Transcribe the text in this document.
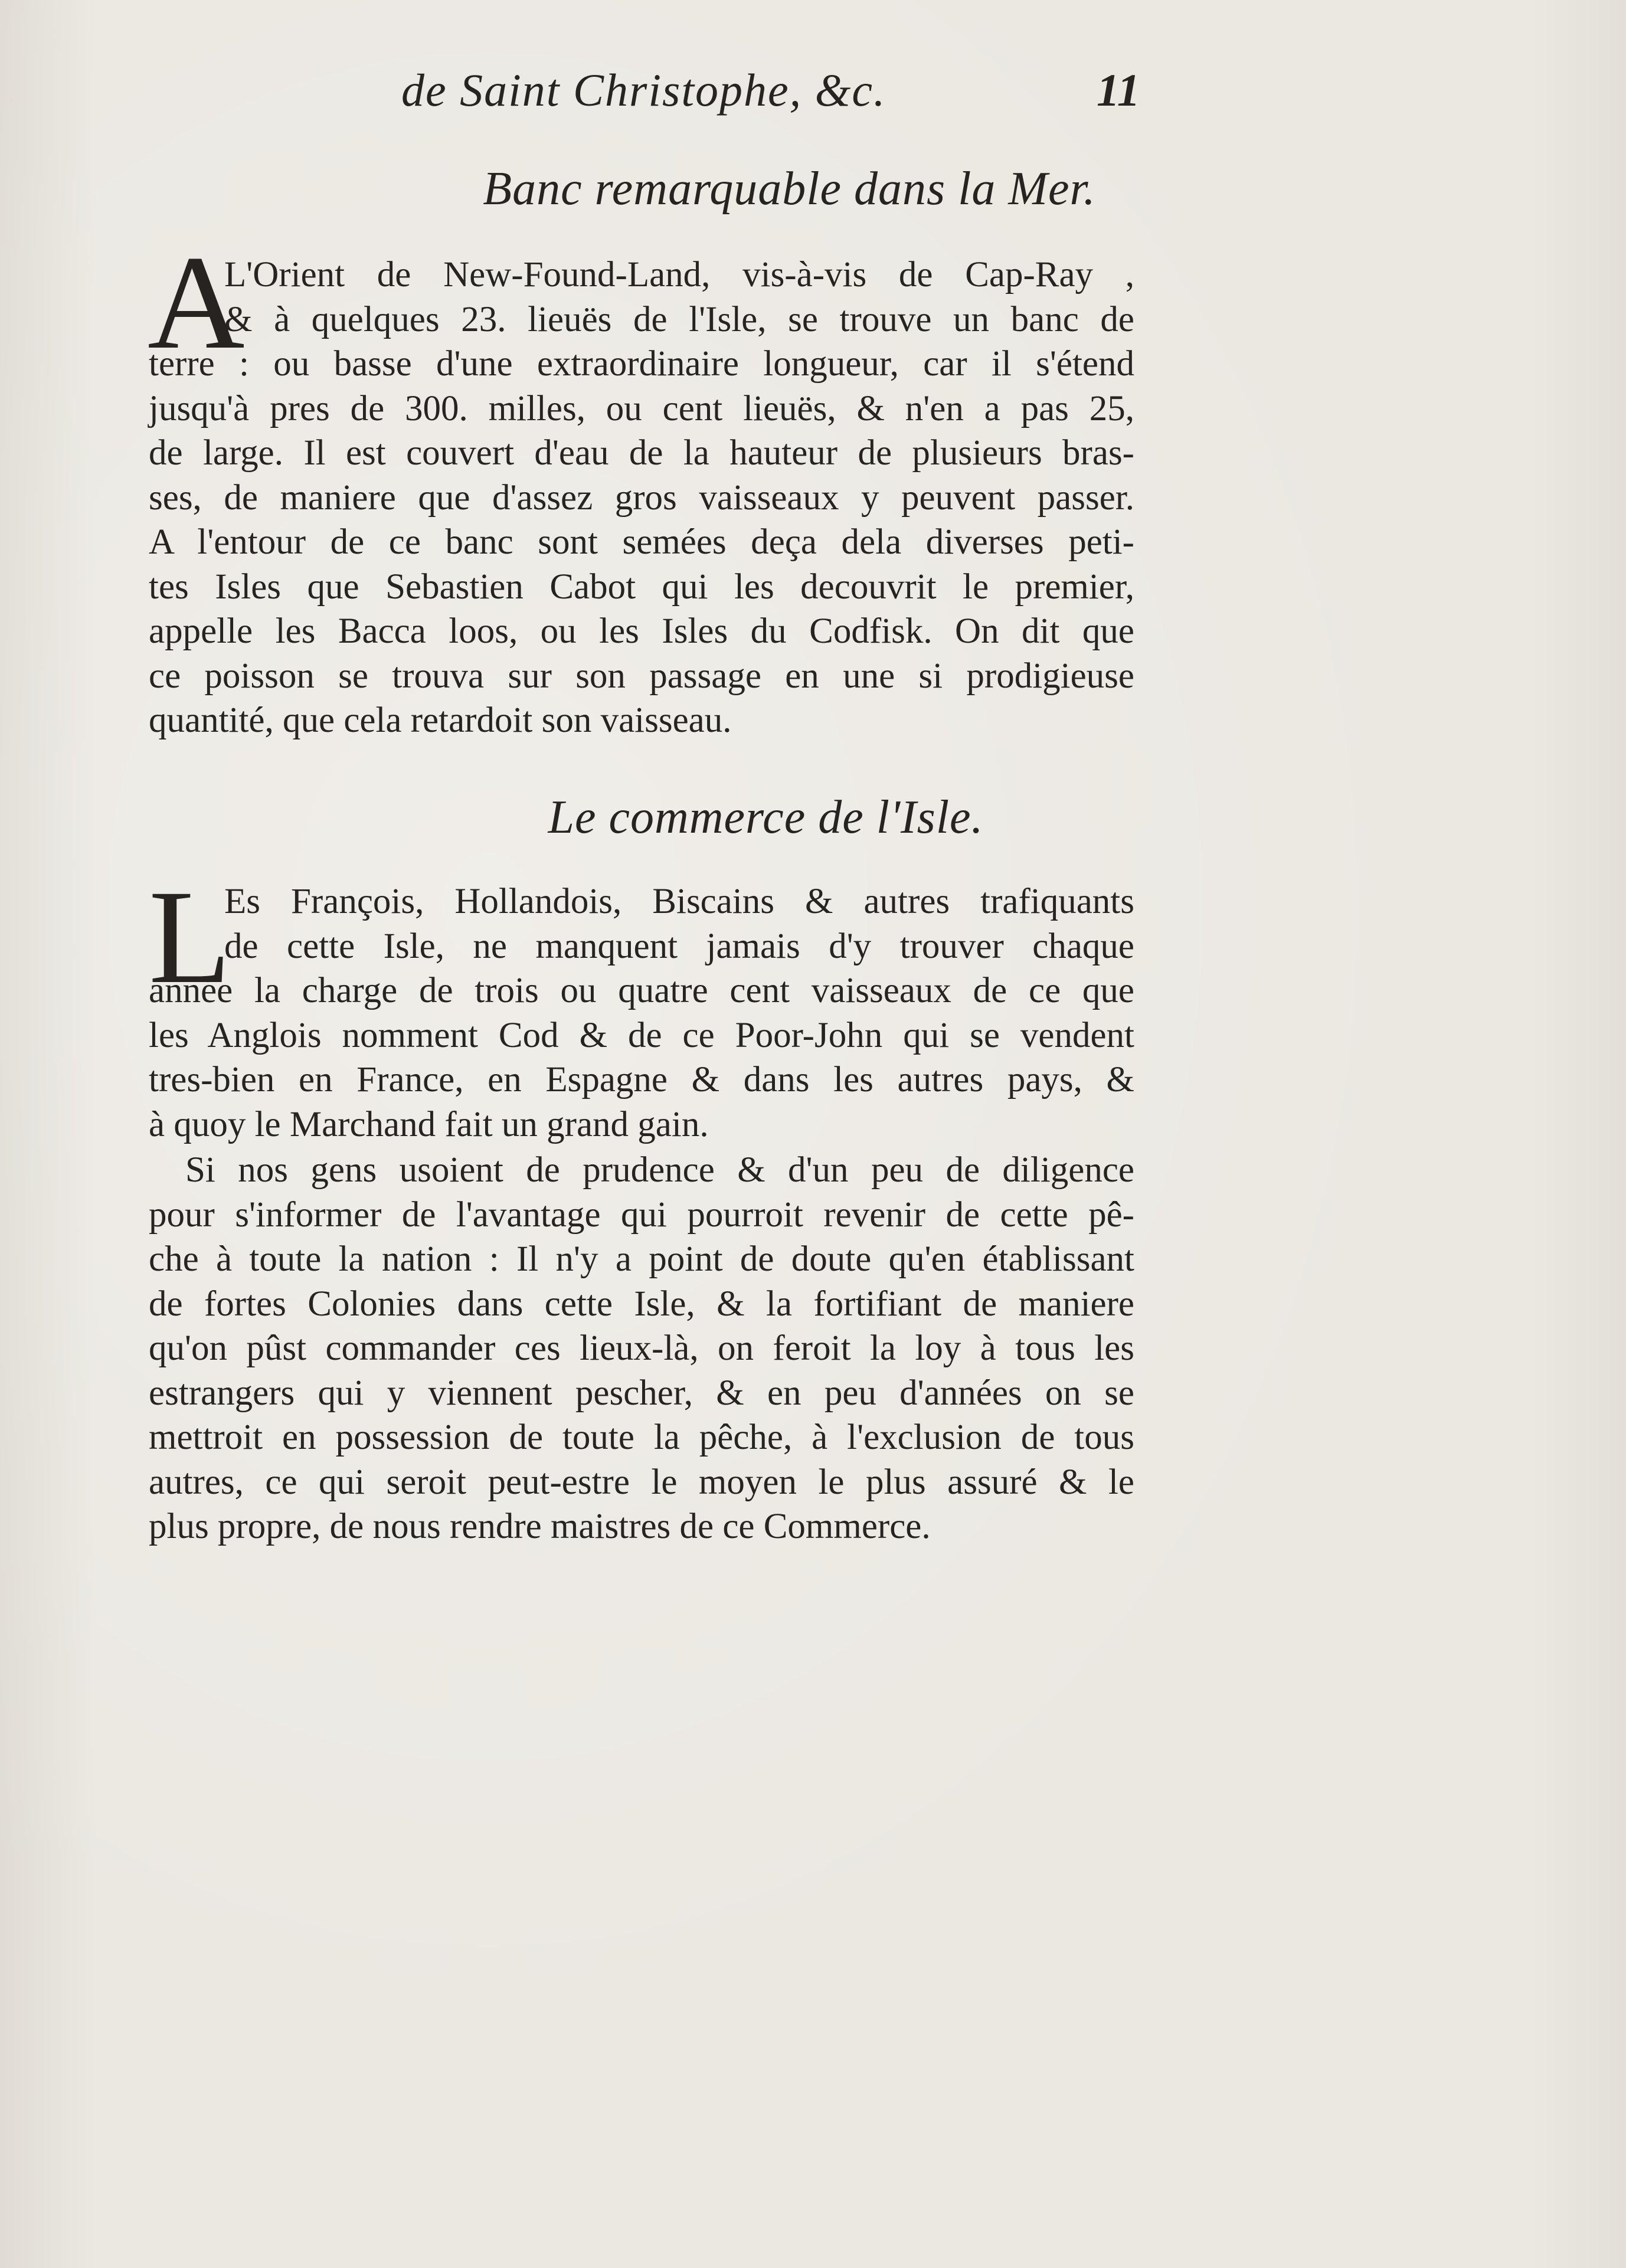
de Saint Christophe, &c.	11
Banc remarquable dans la Mer.
A
L'Orient de New-Found-Land, vis-à-vis de Cap-Ray ,
& à quelques 23. lieuës de l'Isle, se trouve un banc de
terre : ou basse d'une extraordinaire longueur, car il s'étend
jusqu'à pres de 300. milles, ou cent lieuës, & n'en a pas 25,
de large. Il est couvert d'eau de la hauteur de plusieurs bras-
ses, de maniere que d'assez gros vaisseaux y peuvent passer.
A l'entour de ce banc sont semées deça dela diverses peti-
tes Isles que Sebastien Cabot qui les decouvrit le premier,
appelle les Bacca loos, ou les Isles du Codfisk. On dit que
ce poisson se trouva sur son passage en une si prodigieuse
quantité, que cela retardoit son vaisseau.
Le commerce de l'Isle.
L
Es François, Hollandois, Biscains & autres trafiquants
de cette Isle, ne manquent jamais d'y trouver chaque
année la charge de trois ou quatre cent vaisseaux de ce que
les Anglois nomment Cod & de ce Poor-John qui se vendent
tres-bien en France, en Espagne & dans les autres pays, &
à quoy le Marchand fait un grand gain.
Si nos gens usoient de prudence & d'un peu de diligence
pour s'informer de l'avantage qui pourroit revenir de cette pê-
che à toute la nation : Il n'y a point de doute qu'en établissant
de fortes Colonies dans cette Isle, & la fortifiant de maniere
qu'on pûst commander ces lieux-là, on feroit la loy à tous les
estrangers qui y viennent pescher, & en peu d'années on se
mettroit en possession de toute la pêche, à l'exclusion de tous
autres, ce qui seroit peut-estre le moyen le plus assuré & le
plus propre, de nous rendre maistres de ce Commerce.
